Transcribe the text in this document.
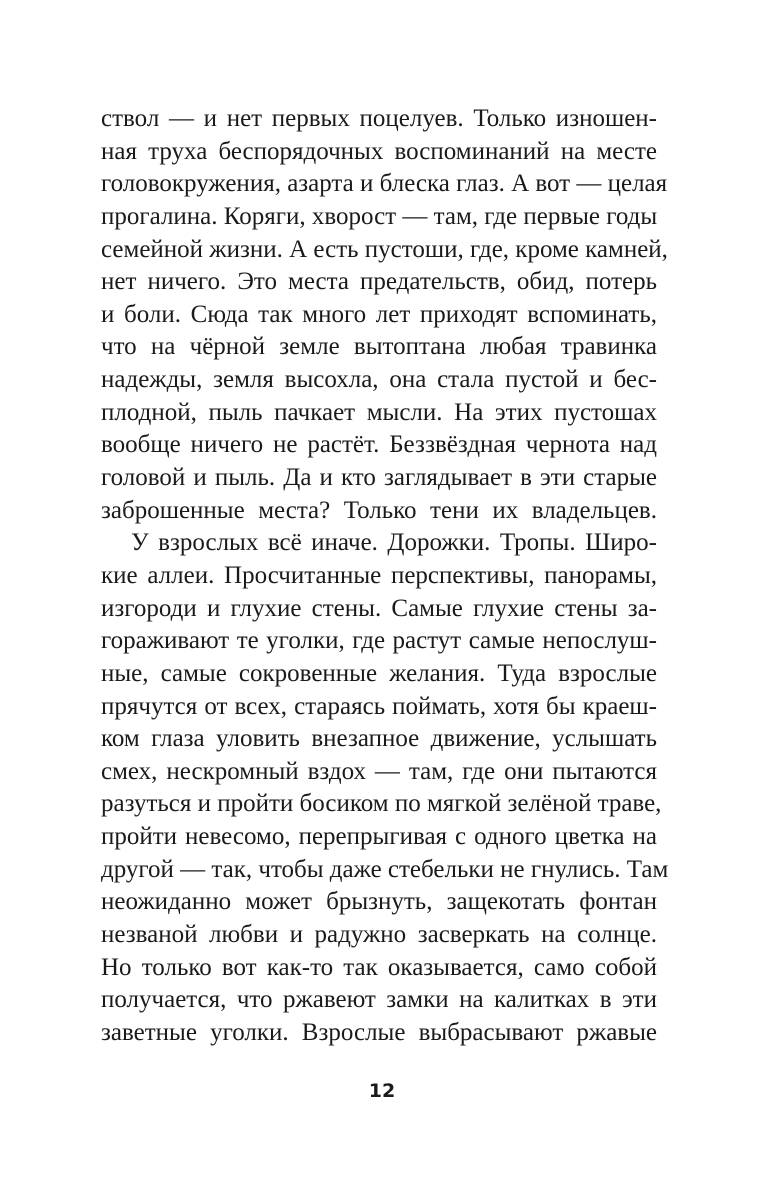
ствол — и нет первых поцелуев. Только изношен-
ная труха беспорядочных воспоминаний на месте
головокружения, азарта и блеска глаз. А вот — целая
прогалина. Коряги, хворост — там, где первые годы
семейной жизни. А есть пустоши, где, кроме камней,
нет ничего. Это места предательств, обид, потерь
и боли. Сюда так много лет приходят вспоминать,
что на чёрной земле вытоптана любая травинка
надежды, земля высохла, она стала пустой и бес-
плодной, пыль пачкает мысли. На этих пустошах
вообще ничего не растёт. Беззвёздная чернота над
головой и пыль. Да и кто заглядывает в эти старые
заброшенные места? Только тени их владельцев.
У взрослых всё иначе. Дорожки. Тропы. Широ-
кие аллеи. Просчитанные перспективы, панорамы,
изгороди и глухие стены. Самые глухие стены за-
гораживают те уголки, где растут самые непослуш-
ные, самые сокровенные желания. Туда взрослые
прячутся от всех, стараясь поймать, хотя бы краеш-
ком глаза уловить внезапное движение, услышать
смех, нескромный вздох — там, где они пытаются
разуться и пройти босиком по мягкой зелёной траве,
пройти невесомо, перепрыгивая с одного цветка на
другой — так, чтобы даже стебельки не гнулись. Там
неожиданно может брызнуть, защекотать фонтан
незваной любви и радужно засверкать на солнце.
Но только вот как-то так оказывается, само собой
получается, что ржавеют замки на калитках в эти
заветные уголки. Взрослые выбрасывают ржавые
12
